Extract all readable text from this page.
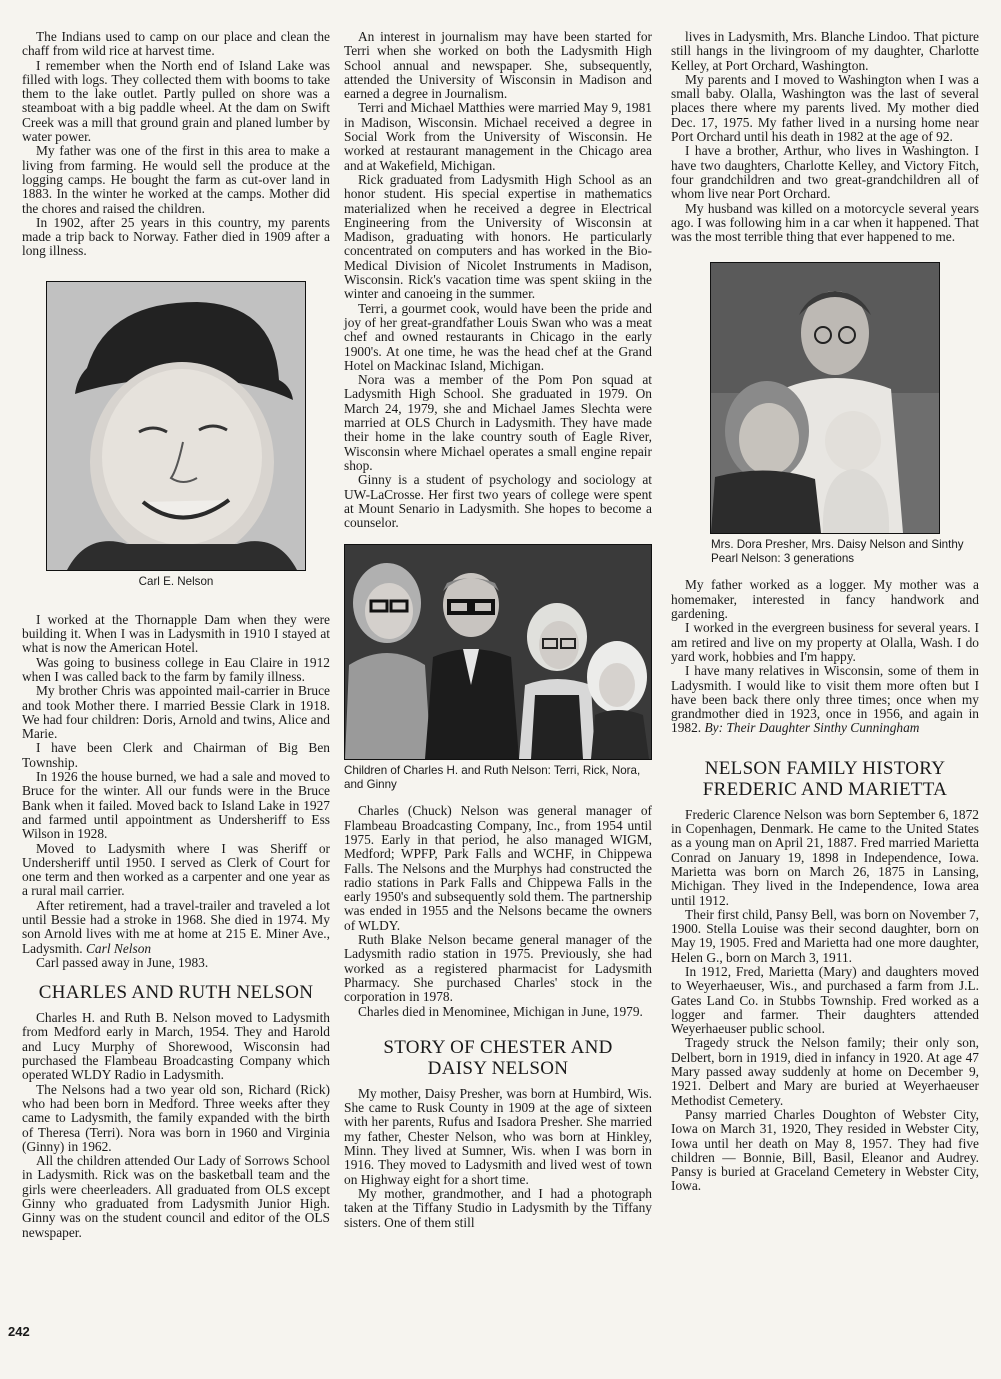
The Indians used to camp on our place and clean the chaff from wild rice at harvest time.

I remember when the North end of Island Lake was filled with logs. They collected them with booms to take them to the lake outlet. Partly pulled on shore was a steamboat with a big paddle wheel. At the dam on Swift Creek was a mill that ground grain and planed lumber by water power.

My father was one of the first in this area to make a living from farming. He would sell the produce at the logging camps. He bought the farm as cut-over land in 1883. In the winter he worked at the camps. Mother did the chores and raised the children.

In 1902, after 25 years in this country, my parents made a trip back to Norway. Father died in 1909 after a long illness.

Carl E. Nelson

I worked at the Thornapple Dam when they were building it. When I was in Ladysmith in 1910 I stayed at what is now the American Hotel.

Was going to business college in Eau Claire in 1912 when I was called back to the farm by family illness.

My brother Chris was appointed mail-carrier in Bruce and took Mother there. I married Bessie Clark in 1918. We had four children: Doris, Arnold and twins, Alice and Marie.

I have been Clerk and Chairman of Big Ben Township.

In 1926 the house burned, we had a sale and moved to Bruce for the winter. All our funds were in the Bruce Bank when it failed. Moved back to Island Lake in 1927 and farmed until appointment as Undersheriff to Ess Wilson in 1928.

Moved to Ladysmith where I was Sheriff or Undersheriff until 1950. I served as Clerk of Court for one term and then worked as a carpenter and one year as a rural mail carrier.

After retirement, had a travel-trailer and traveled a lot until Bessie had a stroke in 1968. She died in 1974. My son Arnold lives with me at home at 215 E. Miner Ave., Ladysmith. Carl Nelson

Carl passed away in June, 1983.

CHARLES AND RUTH NELSON

Charles H. and Ruth B. Nelson moved to Ladysmith from Medford early in March, 1954. They and Harold and Lucy Murphy of Shorewood, Wisconsin had purchased the Flambeau Broadcasting Company which operated WLDY Radio in Ladysmith.

The Nelsons had a two year old son, Richard (Rick) who had been born in Medford. Three weeks after they came to Ladysmith, the family expanded with the birth of Theresa (Terri). Nora was born in 1960 and Virginia (Ginny) in 1962.

All the children attended Our Lady of Sorrows School in Ladysmith. Rick was on the basketball team and the girls were cheerleaders. All graduated from OLS except Ginny who graduated from Ladysmith Junior High. Ginny was on the student council and editor of the OLS newspaper.

An interest in journalism may have been started for Terri when she worked on both the Ladysmith High School annual and newspaper. She, subsequently, attended the University of Wisconsin in Madison and earned a degree in Journalism.

Terri and Michael Matthies were married May 9, 1981 in Madison, Wisconsin. Michael received a degree in Social Work from the University of Wisconsin. He worked at restaurant management in the Chicago area and at Wakefield, Michigan.

Rick graduated from Ladysmith High School as an honor student. His special expertise in mathematics materialized when he received a degree in Electrical Engineering from the University of Wisconsin at Madison, graduating with honors. He particularly concentrated on computers and has worked in the Bio-Medical Division of Nicolet Instruments in Madison, Wisconsin. Rick's vacation time was spent skiing in the winter and canoeing in the summer.

Terri, a gourmet cook, would have been the pride and joy of her great-grandfather Louis Swan who was a meat chef and owned restaurants in Chicago in the early 1900's. At one time, he was the head chef at the Grand Hotel on Mackinac Island, Michigan.

Nora was a member of the Pom Pon squad at Ladysmith High School. She graduated in 1979. On March 24, 1979, she and Michael James Slechta were married at OLS Church in Ladysmith. They have made their home in the lake country south of Eagle River, Wisconsin where Michael operates a small engine repair shop.

Ginny is a student of psychology and sociology at UW-LaCrosse. Her first two years of college were spent at Mount Senario in Ladysmith. She hopes to become a counselor.

Children of Charles H. and Ruth Nelson: Terri, Rick, Nora, and Ginny

Charles (Chuck) Nelson was general manager of Flambeau Broadcasting Company, Inc., from 1954 until 1975. Early in that period, he also managed WIGM, Medford; WPFP, Park Falls and WCHF, in Chippewa Falls. The Nelsons and the Murphys had constructed the radio stations in Park Falls and Chippewa Falls in the early 1950's and subsequently sold them. The partnership was ended in 1955 and the Nelsons became the owners of WLDY.

Ruth Blake Nelson became general manager of the Ladysmith radio station in 1975. Previously, she had worked as a registered pharmacist for Ladysmith Pharmacy. She purchased Charles' stock in the corporation in 1978.

Charles died in Menominee, Michigan in June, 1979.

STORY OF CHESTER AND DAISY NELSON

My mother, Daisy Presher, was born at Humbird, Wis. She came to Rusk County in 1909 at the age of sixteen with her parents, Rufus and Isadora Presher. She married my father, Chester Nelson, who was born at Hinkley, Minn. They lived at Sumner, Wis. when I was born in 1916. They moved to Ladysmith and lived west of town on Highway eight for a short time.

My mother, grandmother, and I had a photograph taken at the Tiffany Studio in Ladysmith by the Tiffany sisters. One of them still

lives in Ladysmith, Mrs. Blanche Lindoo. That picture still hangs in the livingroom of my daughter, Charlotte Kelley, at Port Orchard, Washington.

My parents and I moved to Washington when I was a small baby. Olalla, Washington was the last of several places there where my parents lived. My mother died Dec. 17, 1975. My father lived in a nursing home near Port Orchard until his death in 1982 at the age of 92.

I have a brother, Arthur, who lives in Washington. I have two daughters, Charlotte Kelley, and Victory Fitch, four grandchildren and two great-grandchildren all of whom live near Port Orchard.

My husband was killed on a motorcycle several years ago. I was following him in a car when it happened. That was the most terrible thing that ever happened to me.

Mrs. Dora Presher, Mrs. Daisy Nelson and Sinthy Pearl Nelson: 3 generations

My father worked as a logger. My mother was a homemaker, interested in fancy handwork and gardening.

I worked in the evergreen business for several years. I am retired and live on my property at Olalla, Wash. I do yard work, hobbies and I'm happy.

I have many relatives in Wisconsin, some of them in Ladysmith. I would like to visit them more often but I have been back there only three times; once when my grandmother died in 1923, once in 1956, and again in 1982. By: Their Daughter Sinthy Cunningham

NELSON FAMILY HISTORY
FREDERIC AND MARIETTA

Frederic Clarence Nelson was born September 6, 1872 in Copenhagen, Denmark. He came to the United States as a young man on April 21, 1887. Fred married Marietta Conrad on January 19, 1898 in Independence, Iowa. Marietta was born on March 26, 1875 in Lansing, Michigan. They lived in the Independence, Iowa area until 1912.

Their first child, Pansy Bell, was born on November 7, 1900. Stella Louise was their second daughter, born on May 19, 1905. Fred and Marietta had one more daughter, Helen G., born on March 3, 1911.

In 1912, Fred, Marietta (Mary) and daughters moved to Weyerhaeuser, Wis., and purchased a farm from J.L. Gates Land Co. in Stubbs Township. Fred worked as a logger and farmer. Their daughters attended Weyerhaeuser public school.

Tragedy struck the Nelson family; their only son, Delbert, born in 1919, died in infancy in 1920. At age 47 Mary passed away suddenly at home on December 9, 1921. Delbert and Mary are buried at Weyerhaeuser Methodist Cemetery.

Pansy married Charles Doughton of Webster City, Iowa on March 31, 1920, They resided in Webster City, Iowa until her death on May 8, 1957. They had five children — Bonnie, Bill, Basil, Eleanor and Audrey. Pansy is buried at Graceland Cemetery in Webster City, Iowa.

242
